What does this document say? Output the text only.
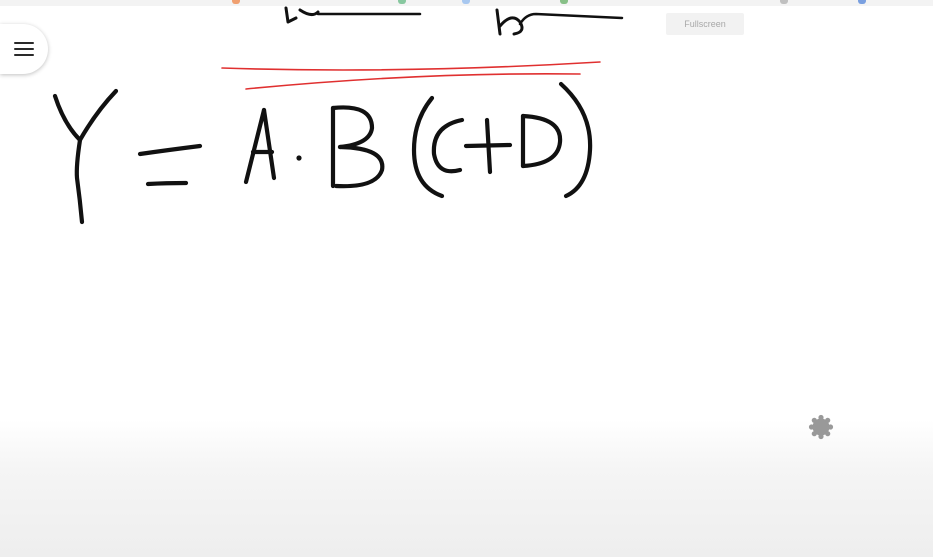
Fullscreen
